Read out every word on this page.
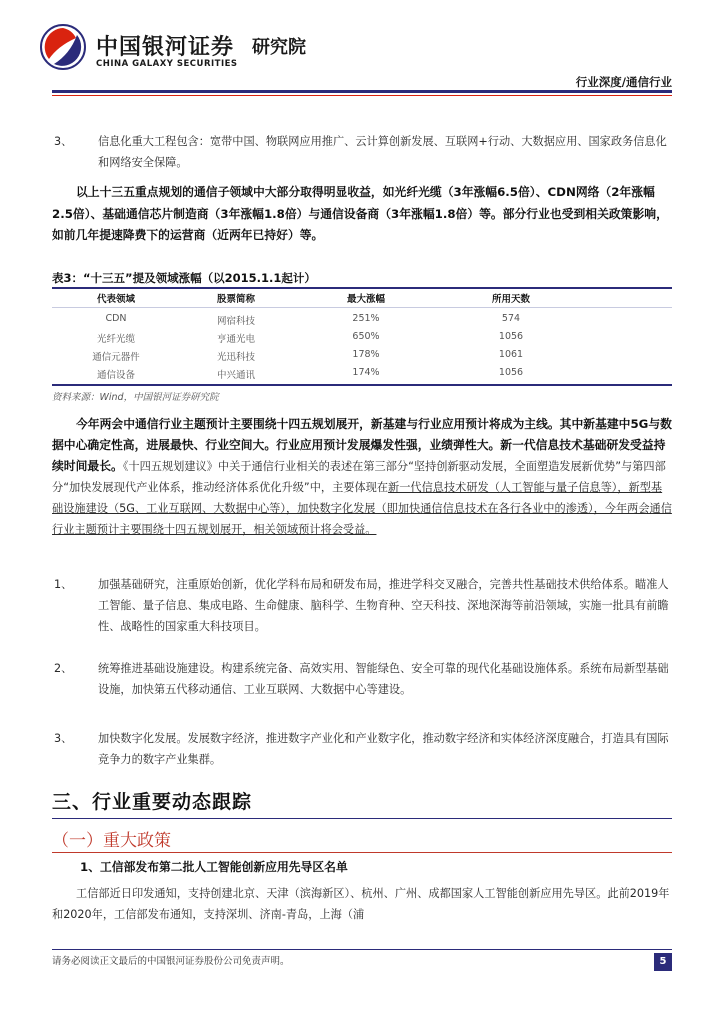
中国银河证券
CHINA GALAXY SECURITIES
研究院
行业深度/通信行业
3、 信息化重大工程包含：宽带中国、物联网应用推广、云计算创新发展、互联网+行动、大数据应用、国家政务信息化和网络安全保障。
以上十三五重点规划的通信子领域中大部分取得明显收益，如光纤光缆（3年涨幅6.5倍）、CDN网络（2年涨幅2.5倍）、基础通信芯片制造商（3年涨幅1.8倍）与通信设备商（3年涨幅1.8倍）等。部分行业也受到相关政策影响，如前几年提速降费下的运营商（近两年已持好）等。
表3：“十三五”提及领域涨幅（以2015.1.1起计）
代表领域	股票简称	最大涨幅	所用天数
CDN	网宿科技	251%	574
光纤光缆	亨通光电	650%	1056
通信元器件	光迅科技	178%	1061
通信设备	中兴通讯	174%	1056
资料来源：Wind，中国银河证券研究院
今年两会中通信行业主题预计主要围绕十四五规划展开，新基建与行业应用预计将成为主线。其中新基建中5G与数据中心确定性高，进展最快、行业空间大。行业应用预计发展爆发性强，业绩弹性大。新一代信息技术基础研发受益持续时间最长。《十四五规划建议》中关于通信行业相关的表述在第三部分“坚持创新驱动发展，全面塑造发展新优势”与第四部分“加快发展现代产业体系，推动经济体系优化升级”中，主要体现在新一代信息技术研发（人工智能与量子信息等），新型基础设施建设（5G、工业互联网、大数据中心等），加快数字化发展（即加快通信信息技术在各行各业中的渗透），今年两会通信行业主题预计主要围绕十四五规划展开，相关领域预计将会受益。
1、 加强基础研究，注重原始创新，优化学科布局和研发布局，推进学科交叉融合，完善共性基础技术供给体系。瞄准人工智能、量子信息、集成电路、生命健康、脑科学、生物育种、空天科技、深地深海等前沿领域，实施一批具有前瞻性、战略性的国家重大科技项目。
2、 统筹推进基础设施建设。构建系统完备、高效实用、智能绿色、安全可靠的现代化基础设施体系。系统布局新型基础设施，加快第五代移动通信、工业互联网、大数据中心等建设。
3、 加快数字化发展。发展数字经济，推进数字产业化和产业数字化，推动数字经济和实体经济深度融合，打造具有国际竞争力的数字产业集群。
三、行业重要动态跟踪
（一）重大政策
1、工信部发布第二批人工智能创新应用先导区名单
工信部近日印发通知，支持创建北京、天津（滨海新区）、杭州、广州、成都国家人工智能创新应用先导区。此前2019年和2020年，工信部发布通知，支持深圳、济南-青岛，上海（浦
请务必阅读正文最后的中国银河证券股份公司免责声明。	5
